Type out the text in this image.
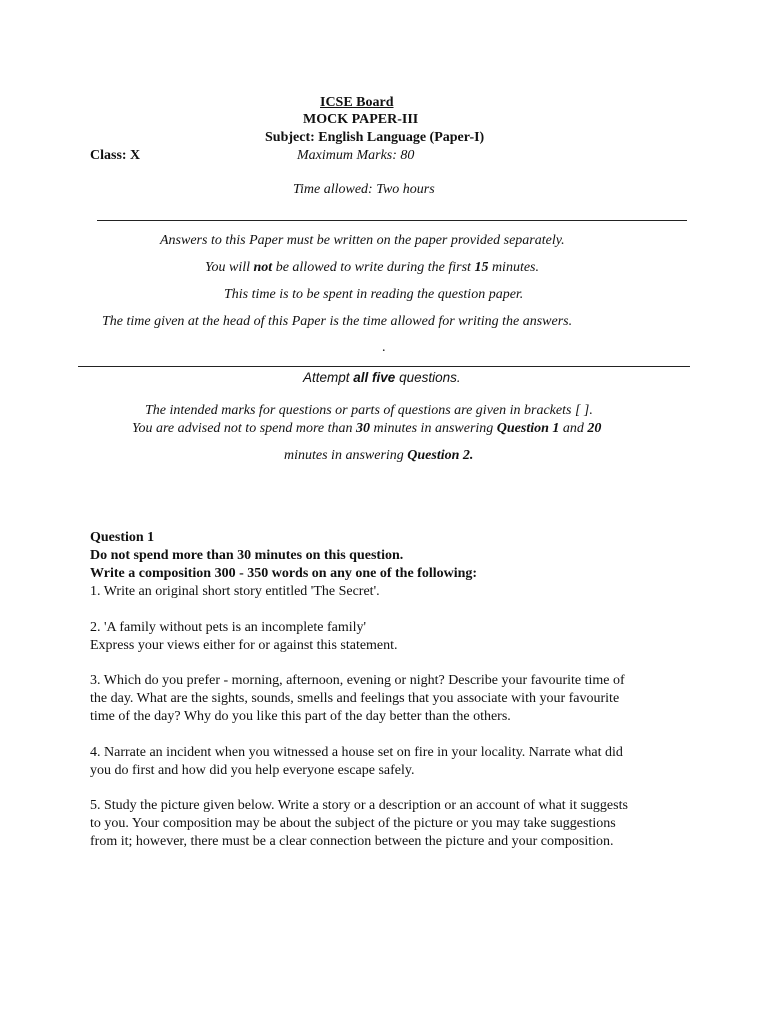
ICSE Board
MOCK PAPER-III
Subject: English Language (Paper-I)
Class: X	Maximum Marks: 80
Time allowed: Two hours
Answers to this Paper must be written on the paper provided separately.
You will not be allowed to write during the first 15 minutes.
This time is to be spent in reading the question paper.
The time given at the head of this Paper is the time allowed for writing the answers.
.
Attempt all five questions.
The intended marks for questions or parts of questions are given in brackets [ ].
You are advised not to spend more than 30 minutes in answering Question 1 and 20
minutes in answering Question 2.
Question 1
Do not spend more than 30 minutes on this question.
Write a composition 300 - 350 words on any one of the following:
1. Write an original short story entitled 'The Secret'.
2. 'A family without pets is an incomplete family'
Express your views either for or against this statement.
3. Which do you prefer - morning, afternoon, evening or night? Describe your favourite time of
the day. What are the sights, sounds, smells and feelings that you associate with your favourite
time of the day? Why do you like this part of the day better than the others.
4. Narrate an incident when you witnessed a house set on fire in your locality. Narrate what did
you do first and how did you help everyone escape safely.
5. Study the picture given below. Write a story or a description or an account of what it suggests
to you. Your composition may be about the subject of the picture or you may take suggestions
from it; however, there must be a clear connection between the picture and your composition.
